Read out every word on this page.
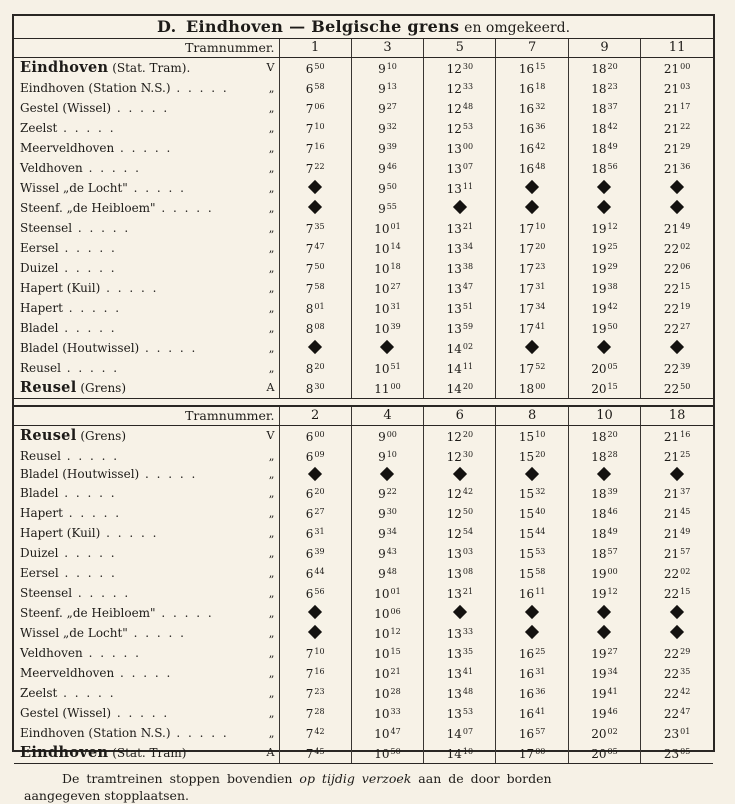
D. Eindhoven — Belgische grens en omgekeerd.
Tramnummer.	1	3	5	7	9	11
Eindhoven (Stat. Tram). V	$6^{50}$	$9^{10}$	$12^{30}$	$16^{15}$	$18^{20}$	$21^{00}$
Eindhoven (Station N.S.) . . . . . „	$6^{58}$	$9^{13}$	$12^{33}$	$16^{18}$	$18^{23}$	$21^{03}$
Gestel (Wissel) . . . . . „	$7^{06}$	$9^{27}$	$12^{48}$	$16^{32}$	$18^{37}$	$21^{17}$
Zeelst . . . . . „	$7^{10}$	$9^{32}$	$12^{53}$	$16^{36}$	$18^{42}$	$21^{22}$
Meerveldhoven . . . . . „	$7^{16}$	$9^{39}$	$13^{00}$	$16^{42}$	$18^{49}$	$21^{29}$
Veldhoven . . . . . „	$7^{22}$	$9^{46}$	$13^{07}$	$16^{48}$	$18^{56}$	$21^{36}$
Wissel „de Locht" . . . . . „		$9^{50}$	$13^{11}$			
Steenf. „de Heibloem" . . . . . „		$9^{55}$				
Steensel . . . . . „	$7^{35}$	$10^{01}$	$13^{21}$	$17^{10}$	$19^{12}$	$21^{49}$
Eersel . . . . . „	$7^{47}$	$10^{14}$	$13^{34}$	$17^{20}$	$19^{25}$	$22^{02}$
Duizel . . . . . „	$7^{50}$	$10^{18}$	$13^{38}$	$17^{23}$	$19^{29}$	$22^{06}$
Hapert (Kuil) . . . . . „	$7^{58}$	$10^{27}$	$13^{47}$	$17^{31}$	$19^{38}$	$22^{15}$
Hapert . . . . . „	$8^{01}$	$10^{31}$	$13^{51}$	$17^{34}$	$19^{42}$	$22^{19}$
Bladel . . . . . „	$8^{08}$	$10^{39}$	$13^{59}$	$17^{41}$	$19^{50}$	$22^{27}$
Bladel (Houtwissel) . . . . . „			$14^{02}$			
Reusel . . . . . „	$8^{20}$	$10^{51}$	$14^{11}$	$17^{52}$	$20^{05}$	$22^{39}$
Reusel (Grens) A	$8^{30}$	$11^{00}$	$14^{20}$	$18^{00}$	$20^{15}$	$22^{50}$
Tramnummer.	2	4	6	8	10	18
Reusel (Grens) V	$6^{00}$	$9^{00}$	$12^{20}$	$15^{10}$	$18^{20}$	$21^{16}$
Reusel . . . . . „	$6^{09}$	$9^{10}$	$12^{30}$	$15^{20}$	$18^{28}$	$21^{25}$
Bladel (Houtwissel) . . . . . „						

Bladel . . . . . „	$6^{20}$	$9^{22}$	$12^{42}$	$15^{32}$	$18^{39}$	$21^{37}$
Hapert . . . . . „	$6^{27}$	$9^{30}$	$12^{50}$	$15^{40}$	$18^{46}$	$21^{45}$
Hapert (Kuil) . . . . . „	$6^{31}$	$9^{34}$	$12^{54}$	$15^{44}$	$18^{49}$	$21^{49}$
Duizel . . . . . „	$6^{39}$	$9^{43}$	$13^{03}$	$15^{53}$	$18^{57}$	$21^{57}$
Eersel . . . . . „	$6^{44}$	$9^{48}$	$13^{08}$	$15^{58}$	$19^{00}$	$22^{02}$
Steensel . . . . . „	$6^{56}$	$10^{01}$	$13^{21}$	$16^{11}$	$19^{12}$	$22^{15}$
Steenf. „de Heibloem" . . . . . „		$10^{06}$				
Wissel „de Locht" . . . . . „		$10^{12}$	$13^{33}$			
Veldhoven . . . . . „	$7^{10}$	$10^{15}$	$13^{35}$	$16^{25}$	$19^{27}$	$22^{29}$
Meerveldhoven . . . . . „	$7^{16}$	$10^{21}$	$13^{41}$	$16^{31}$	$19^{34}$	$22^{35}$
Zeelst . . . . . „	$7^{23}$	$10^{28}$	$13^{48}$	$16^{36}$	$19^{41}$	$22^{42}$
Gestel (Wissel) . . . . . „	$7^{28}$	$10^{33}$	$13^{53}$	$16^{41}$	$19^{46}$	$22^{47}$
Eindhoven (Station N.S.) . . . . . „	$7^{42}$	$10^{47}$	$14^{07}$	$16^{57}$	$20^{02}$	$23^{01}$
Eindhoven (Stat. Tram) A	$7^{45}$	$10^{50}$	$14^{10}$	$17^{00}$	$20^{05}$	$23^{05}$
De tramtreinen stoppen bovendien op tijdig verzoek aan de door borden
aangegeven stopplaatsen.
